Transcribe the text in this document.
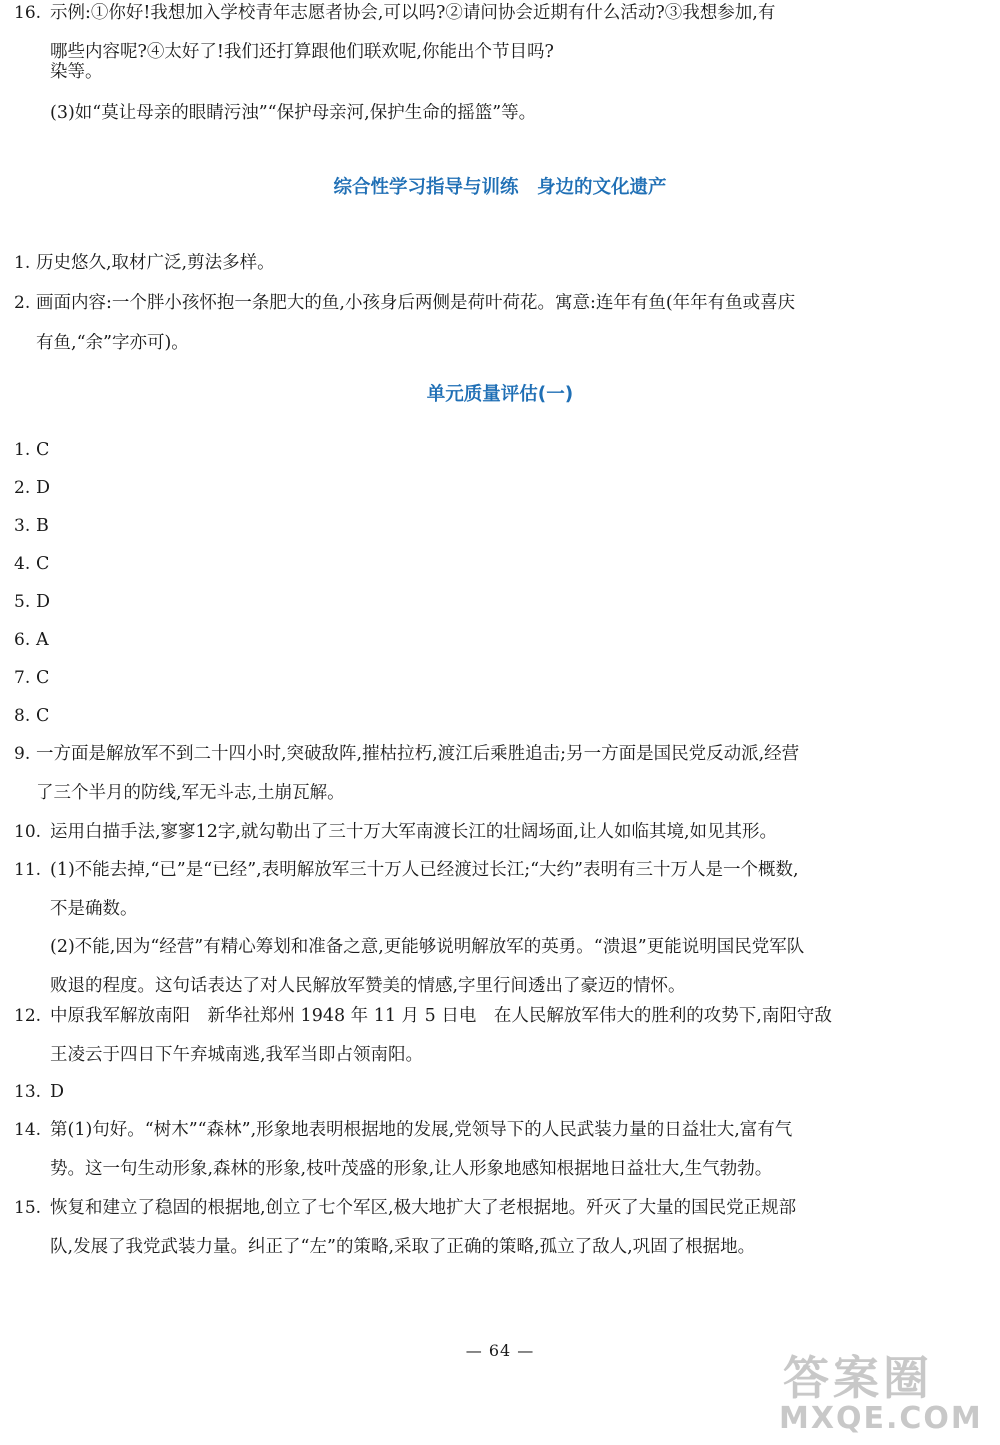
染等。
(3)如“莫让母亲的眼睛污浊”“保护母亲河,保护生命的摇篮”等。
综合性学习指导与训练　身边的文化遗产
1. 历史悠久,取材广泛,剪法多样。
2. 画面内容:一个胖小孩怀抱一条肥大的鱼,小孩身后两侧是荷叶荷花。寓意:连年有鱼(年年有鱼或喜庆
有鱼,“余”字亦可)。
单元质量评估(一)
1. C
2. D
3. B
4. C
5. D
6. A
7. C
8. C
9. 一方面是解放军不到二十四小时,突破敌阵,摧枯拉朽,渡江后乘胜追击;另一方面是国民党反动派,经营
了三个半月的防线,军无斗志,土崩瓦解。
10. 运用白描手法,寥寥12字,就勾勒出了三十万大军南渡长江的壮阔场面,让人如临其境,如见其形。
11. (1)不能去掉,“已”是“已经”,表明解放军三十万人已经渡过长江;“大约”表明有三十万人是一个概数,
不是确数。
(2)不能,因为“经营”有精心筹划和准备之意,更能够说明解放军的英勇。“溃退”更能说明国民党军队
败退的程度。这句话表达了对人民解放军赞美的情感,字里行间透出了豪迈的情怀。
12. 中原我军解放南阳　新华社郑州 1948 年 11 月 5 日电　在人民解放军伟大的胜利的攻势下,南阳守敌
王凌云于四日下午弃城南逃,我军当即占领南阳。
13. D
14. 第(1)句好。“树木”“森林”,形象地表明根据地的发展,党领导下的人民武装力量的日益壮大,富有气
势。这一句生动形象,森林的形象,枝叶茂盛的形象,让人形象地感知根据地日益壮大,生气勃勃。
15. 恢复和建立了稳固的根据地,创立了七个军区,极大地扩大了老根据地。歼灭了大量的国民党正规部
队,发展了我党武装力量。纠正了“左”的策略,采取了正确的策略,孤立了敌人,巩固了根据地。
16. 示例:①你好!我想加入学校青年志愿者协会,可以吗?②请问协会近期有什么活动?③我想参加,有
哪些内容呢?④太好了!我们还打算跟他们联欢呢,你能出个节目吗?
— 64 —
答案圈
MXQE.COM
